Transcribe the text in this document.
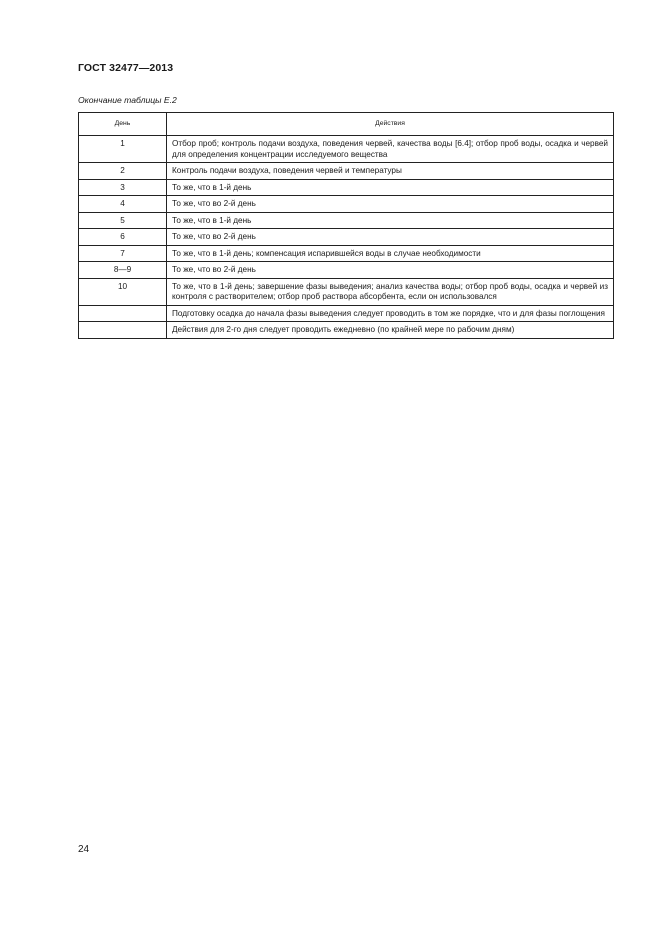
ГОСТ 32477—2013
Окончание таблицы Е.2
День	Действия
1	Отбор проб; контроль подачи воздуха, поведения червей, качества воды [6.4]; отбор проб воды, осадка и червей для определения концентрации исследуемого вещества
2	Контроль подачи воздуха, поведения червей и температуры
3	То же, что в 1-й день
4	То же, что во 2-й день
5	То же, что в 1-й день
6	То же, что во 2-й день
7	То же, что в 1-й день; компенсация испарившейся воды в случае необходимости
8—9	То же, что во 2-й день
10	То же, что в 1-й день; завершение фазы выведения; анализ качества воды; отбор проб воды, осадка и червей из контроля с растворителем; отбор проб раствора абсорбента, если он использовался
	Подготовку осадка до начала фазы выведения следует проводить в том же порядке, что и для фазы поглощения
	Действия для 2-го дня следует проводить ежедневно (по крайней мере по рабочим дням)
24
